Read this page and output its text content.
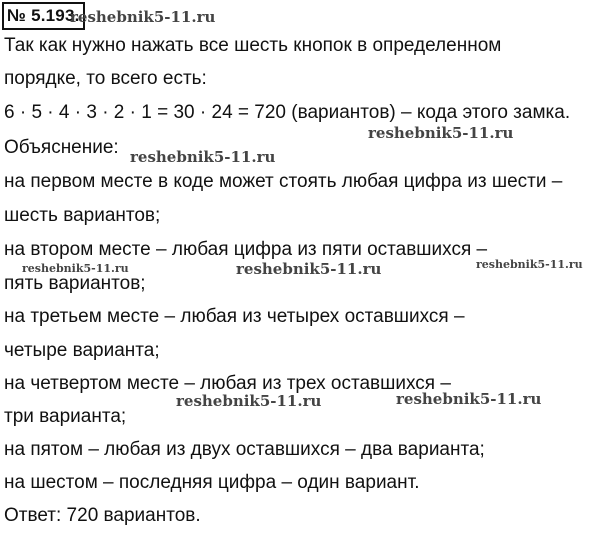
№ 5.193.
reshebnik5-11.ru
Так как нужно нажать все шесть кнопок в определенном
порядке, то всего есть:
6 · 5 · 4 · 3 · 2 · 1 = 30 · 24 = 720 (вариантов) – кода этого замка.
reshebnik5-11.ru
Объяснение: reshebnik5-11.ru
на первом месте в коде может стоять любая цифра из шести –
шесть вариантов;
на втором месте – любая цифра из пяти оставшихся –
reshebnik5-11.ru	reshebnik5-11.ru	reshebnik5-11.ru
пять вариантов;
на третьем месте – любая из четырех оставшихся –
четыре варианта;
на четвертом месте – любая из трех оставшихся –
reshebnik5-11.ru	reshebnik5-11.ru
три варианта;
на пятом – любая из двух оставшихся – два варианта;
на шестом – последняя цифра – один вариант.
Ответ: 720 вариантов.
